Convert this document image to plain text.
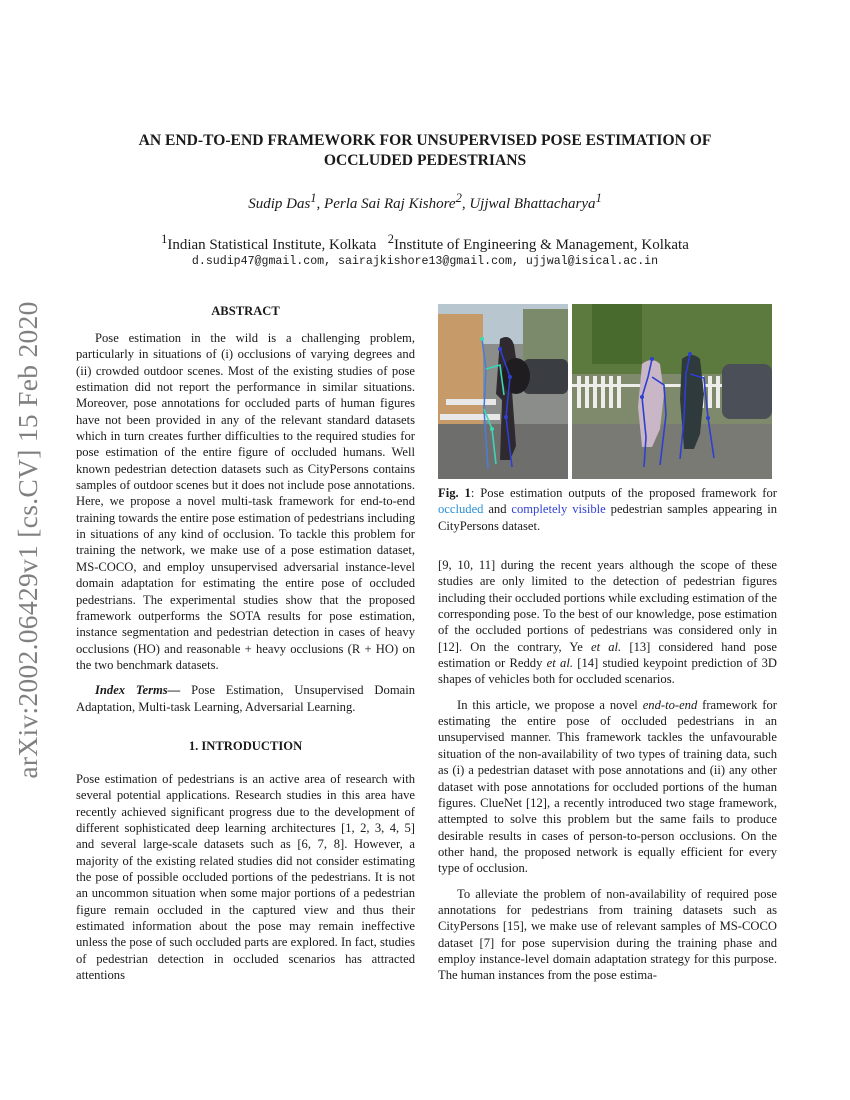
arXiv:2002.06429v1 [cs.CV] 15 Feb 2020
AN END-TO-END FRAMEWORK FOR UNSUPERVISED POSE ESTIMATION OF
OCCLUDED PEDESTRIANS
Sudip Das$^1$, Perla Sai Raj Kishore$^2$, Ujjwal Bhattacharya$^1$
$^1$Indian Statistical Institute, Kolkata $^2$Institute of Engineering & Management, Kolkata
d.sudip47@gmail.com, sairajkishore13@gmail.com, ujjwal@isical.ac.in
ABSTRACT

Pose estimation in the wild is a challenging problem, particularly in situations of (i) occlusions of varying degrees and (ii) crowded outdoor scenes. Most of the existing studies of pose estimation did not report the performance in similar situations. Moreover, pose annotations for occluded parts of human figures have not been provided in any of the relevant standard datasets which in turn creates further difficulties to the required studies for pose estimation of the entire figure of occluded humans. Well known pedestrian detection datasets such as CityPersons contains samples of outdoor scenes but it does not include pose annotations. Here, we propose a novel multi-task framework for end-to-end training towards the entire pose estimation of pedestrians including in situations of any kind of occlusion. To tackle this problem for training the network, we make use of a pose estimation dataset, MS-COCO, and employ unsupervised adversarial instance-level domain adaptation for estimating the entire pose of occluded pedestrians. The experimental studies show that the proposed framework outperforms the SOTA results for pose estimation, instance segmentation and pedestrian detection in cases of heavy occlusions (HO) and reasonable + heavy occlusions (R + HO) on the two benchmark datasets.

Index Terms— Pose Estimation, Unsupervised Domain Adaptation, Multi-task Learning, Adversarial Learning.

1. INTRODUCTION

Pose estimation of pedestrians is an active area of research with several potential applications. Research studies in this area have recently achieved significant progress due to the development of different sophisticated deep learning architectures [1, 2, 3, 4, 5] and several large-scale datasets such as [6, 7, 8]. However, a majority of the existing related studies did not consider estimating the pose of possible occluded portions of the pedestrians. It is not an uncommon situation when some major portions of a pedestrian figure remain occluded in the captured view and thus their estimated information about the pose may remain ineffective unless the pose of such occluded parts are explored. In fact, studies of pedestrian detection in occluded scenarios has attracted attentions

Fig. 1: Pose estimation outputs of the proposed framework for occluded and completely visible pedestrian samples appearing in CityPersons dataset.

[9, 10, 11] during the recent years although the scope of these studies are only limited to the detection of pedestrian figures including their occluded portions while excluding estimation of the corresponding pose. To the best of our knowledge, pose estimation of the occluded portions of pedestrians was considered only in [12]. On the contrary, Ye et al. [13] considered hand pose estimation or Reddy et al. [14] studied keypoint prediction of 3D shapes of vehicles both for occluded scenarios.

In this article, we propose a novel end-to-end framework for estimating the entire pose of occluded pedestrians in an unsupervised manner. This framework tackles the unfavourable situation of the non-availability of two types of training data, such as (i) a pedestrian dataset with pose annotations and (ii) any other dataset with pose annotations for occluded portions of the human figures. ClueNet [12], a recently introduced two stage framework, attempted to solve this problem but the same fails to produce desirable results in cases of person-to-person occlusions. On the other hand, the proposed network is equally efficient for every type of occlusion.

To alleviate the problem of non-availability of required pose annotations for pedestrians from training datasets such as CityPersons [15], we make use of relevant samples of MS-COCO dataset [7] for pose supervision during the training phase and employ instance-level domain adaptation strategy for this purpose. The human instances from the pose estima-
